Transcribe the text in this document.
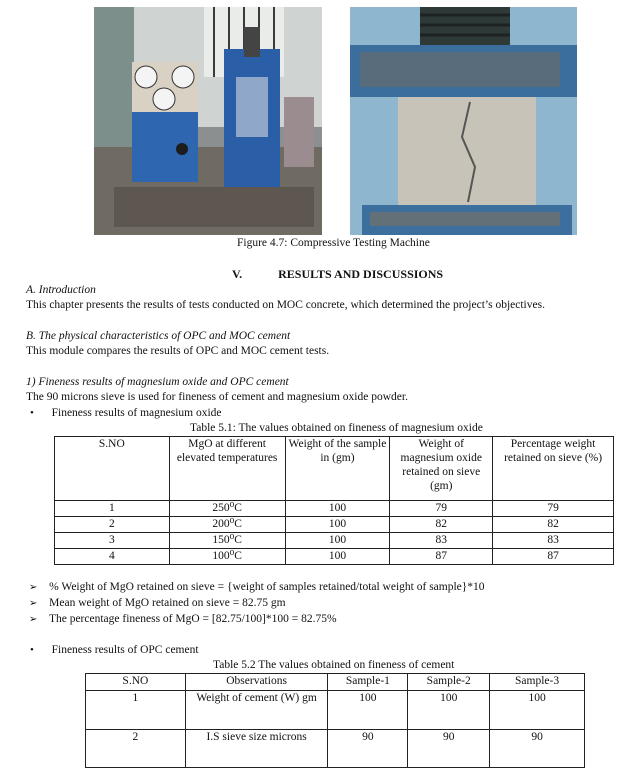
Figure 4.7: Compressive Testing Machine
V.	RESULTS AND DISCUSSIONS
A. Introduction
This chapter presents the results of tests conducted on MOC concrete, which determined the project’s objectives.
B. The physical characteristics of OPC and MOC cement
This module compares the results of OPC and MOC cement tests.
1) Fineness results of magnesium oxide and OPC cement
The 90 microns sieve is used for fineness of cement and magnesium oxide powder.
• Fineness results of magnesium oxide
Table 5.1: The values obtained on fineness of magnesium oxide
S.NO	MgO at different elevated temperatures	Weight of the sample in (gm)	Weight of magnesium oxide retained on sieve (gm)	Percentage weight retained on sieve (%)
1	250⁰C	100	79	79
2	200⁰C	100	82	82
3	150⁰C	100	83	83
4	100⁰C	100	87	87
➢ % Weight of MgO retained on sieve = {weight of samples retained/total weight of sample}*10
➢ Mean weight of MgO retained on sieve = 82.75 gm
➢ The percentage fineness of MgO = [82.75/100]*100 = 82.75%
• Fineness results of OPC cement
Table 5.2 The values obtained on fineness of cement
S.NO	Observations	Sample-1	Sample-2	Sample-3
1	Weight of cement (W) gm	100	100	100
2	I.S sieve size microns	90	90	90
